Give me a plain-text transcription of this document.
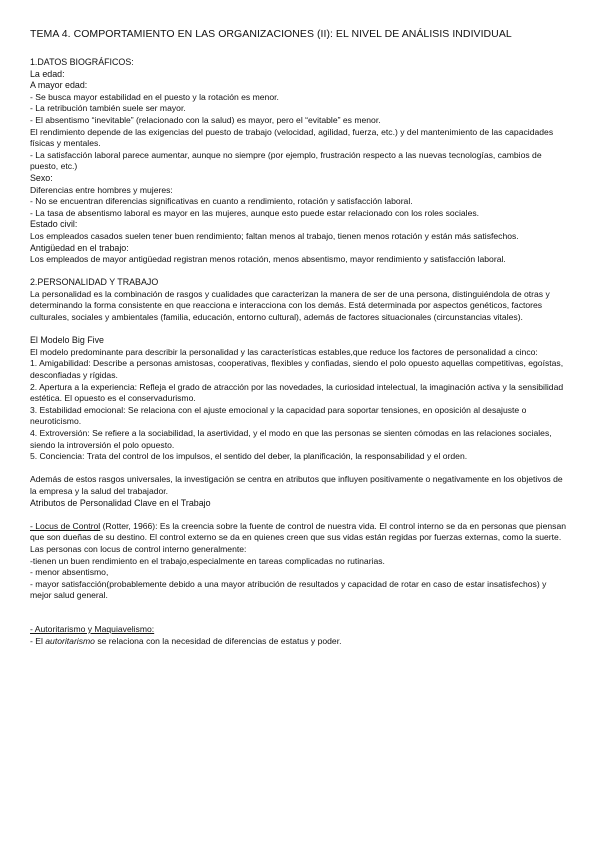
TEMA 4. COMPORTAMIENTO EN LAS ORGANIZACIONES (II): EL NIVEL DE ANÁLISIS INDIVIDUAL

1.DATOS BIOGRÁFICOS:

La edad:

A mayor edad:

- Se busca mayor estabilidad en el puesto y la rotación es menor.

- La retribución también suele ser mayor.

- El absentismo “inevitable” (relacionado con la salud) es mayor, pero el “evitable” es menor.

El rendimiento depende de las exigencias del puesto de trabajo (velocidad, agilidad, fuerza, etc.) y del mantenimiento de las capacidades físicas y mentales.

- La satisfacción laboral parece aumentar, aunque no siempre (por ejemplo, frustración respecto a las nuevas tecnologías, cambios de puesto, etc.)

Sexo:

Diferencias entre hombres y mujeres:

- No se encuentran diferencias significativas en cuanto a rendimiento, rotación y satisfacción laboral.

- La tasa de absentismo laboral es mayor en las mujeres, aunque esto puede estar relacionado con los roles sociales.

Estado civil:

Los empleados casados suelen tener buen rendimiento; faltan menos al trabajo, tienen menos rotación y están más satisfechos.

Antigüedad en el trabajo:

Los empleados de mayor antigüedad registran menos rotación, menos absentismo, mayor rendimiento y satisfacción laboral.

2.PERSONALIDAD Y TRABAJO

La personalidad es la combinación de rasgos y cualidades que caracterizan la manera de ser de una persona, distinguiéndola de otras y determinando la forma consistente en que reacciona e interacciona con los demás. Está determinada por aspectos genéticos, factores culturales, sociales y ambientales (familia, educación, entorno cultural), además de factores situacionales (circunstancias vitales).

El Modelo Big Five

El modelo predominante para describir la personalidad y las características estables,que reduce los factores de personalidad a cinco:

1. Amigabilidad: Describe a personas amistosas, cooperativas, flexibles y confiadas, siendo el polo opuesto aquellas competitivas, egoístas, desconfiadas y rígidas.

2. Apertura a la experiencia: Refleja el grado de atracción por las novedades, la curiosidad intelectual, la imaginación activa y la sensibilidad estética. El opuesto es el conservadurismo.

3. Estabilidad emocional: Se relaciona con el ajuste emocional y la capacidad para soportar tensiones, en oposición al desajuste o neuroticismo.

4. Extroversión: Se refiere a la sociabilidad, la asertividad, y el modo en que las personas se sienten cómodas en las relaciones sociales, siendo la introversión el polo opuesto.

5. Conciencia: Trata del control de los impulsos, el sentido del deber, la planificación, la responsabilidad y el orden.

Además de estos rasgos universales, la investigación se centra en atributos que influyen positivamente o negativamente en los objetivos de la empresa y la salud del trabajador.

Atributos de Personalidad Clave en el Trabajo

- Locus de Control (Rotter, 1966): Es la creencia sobre la fuente de control de nuestra vida. El control interno se da en personas que piensan que son dueñas de su destino. El control externo se da en quienes creen que sus vidas están regidas por fuerzas externas, como la suerte. Las personas con locus de control interno generalmente:

-tienen un buen rendimiento en el trabajo,especialmente en tareas complicadas no rutinarias.

- menor absentismo,

- mayor satisfacción(probablemente debido a una mayor atribución de resultados y capacidad de rotar en caso de estar insatisfechos) y mejor salud general.

- Autoritarismo y Maquiavelismo:

- El autoritarismo se relaciona con la necesidad de diferencias de estatus y poder.
